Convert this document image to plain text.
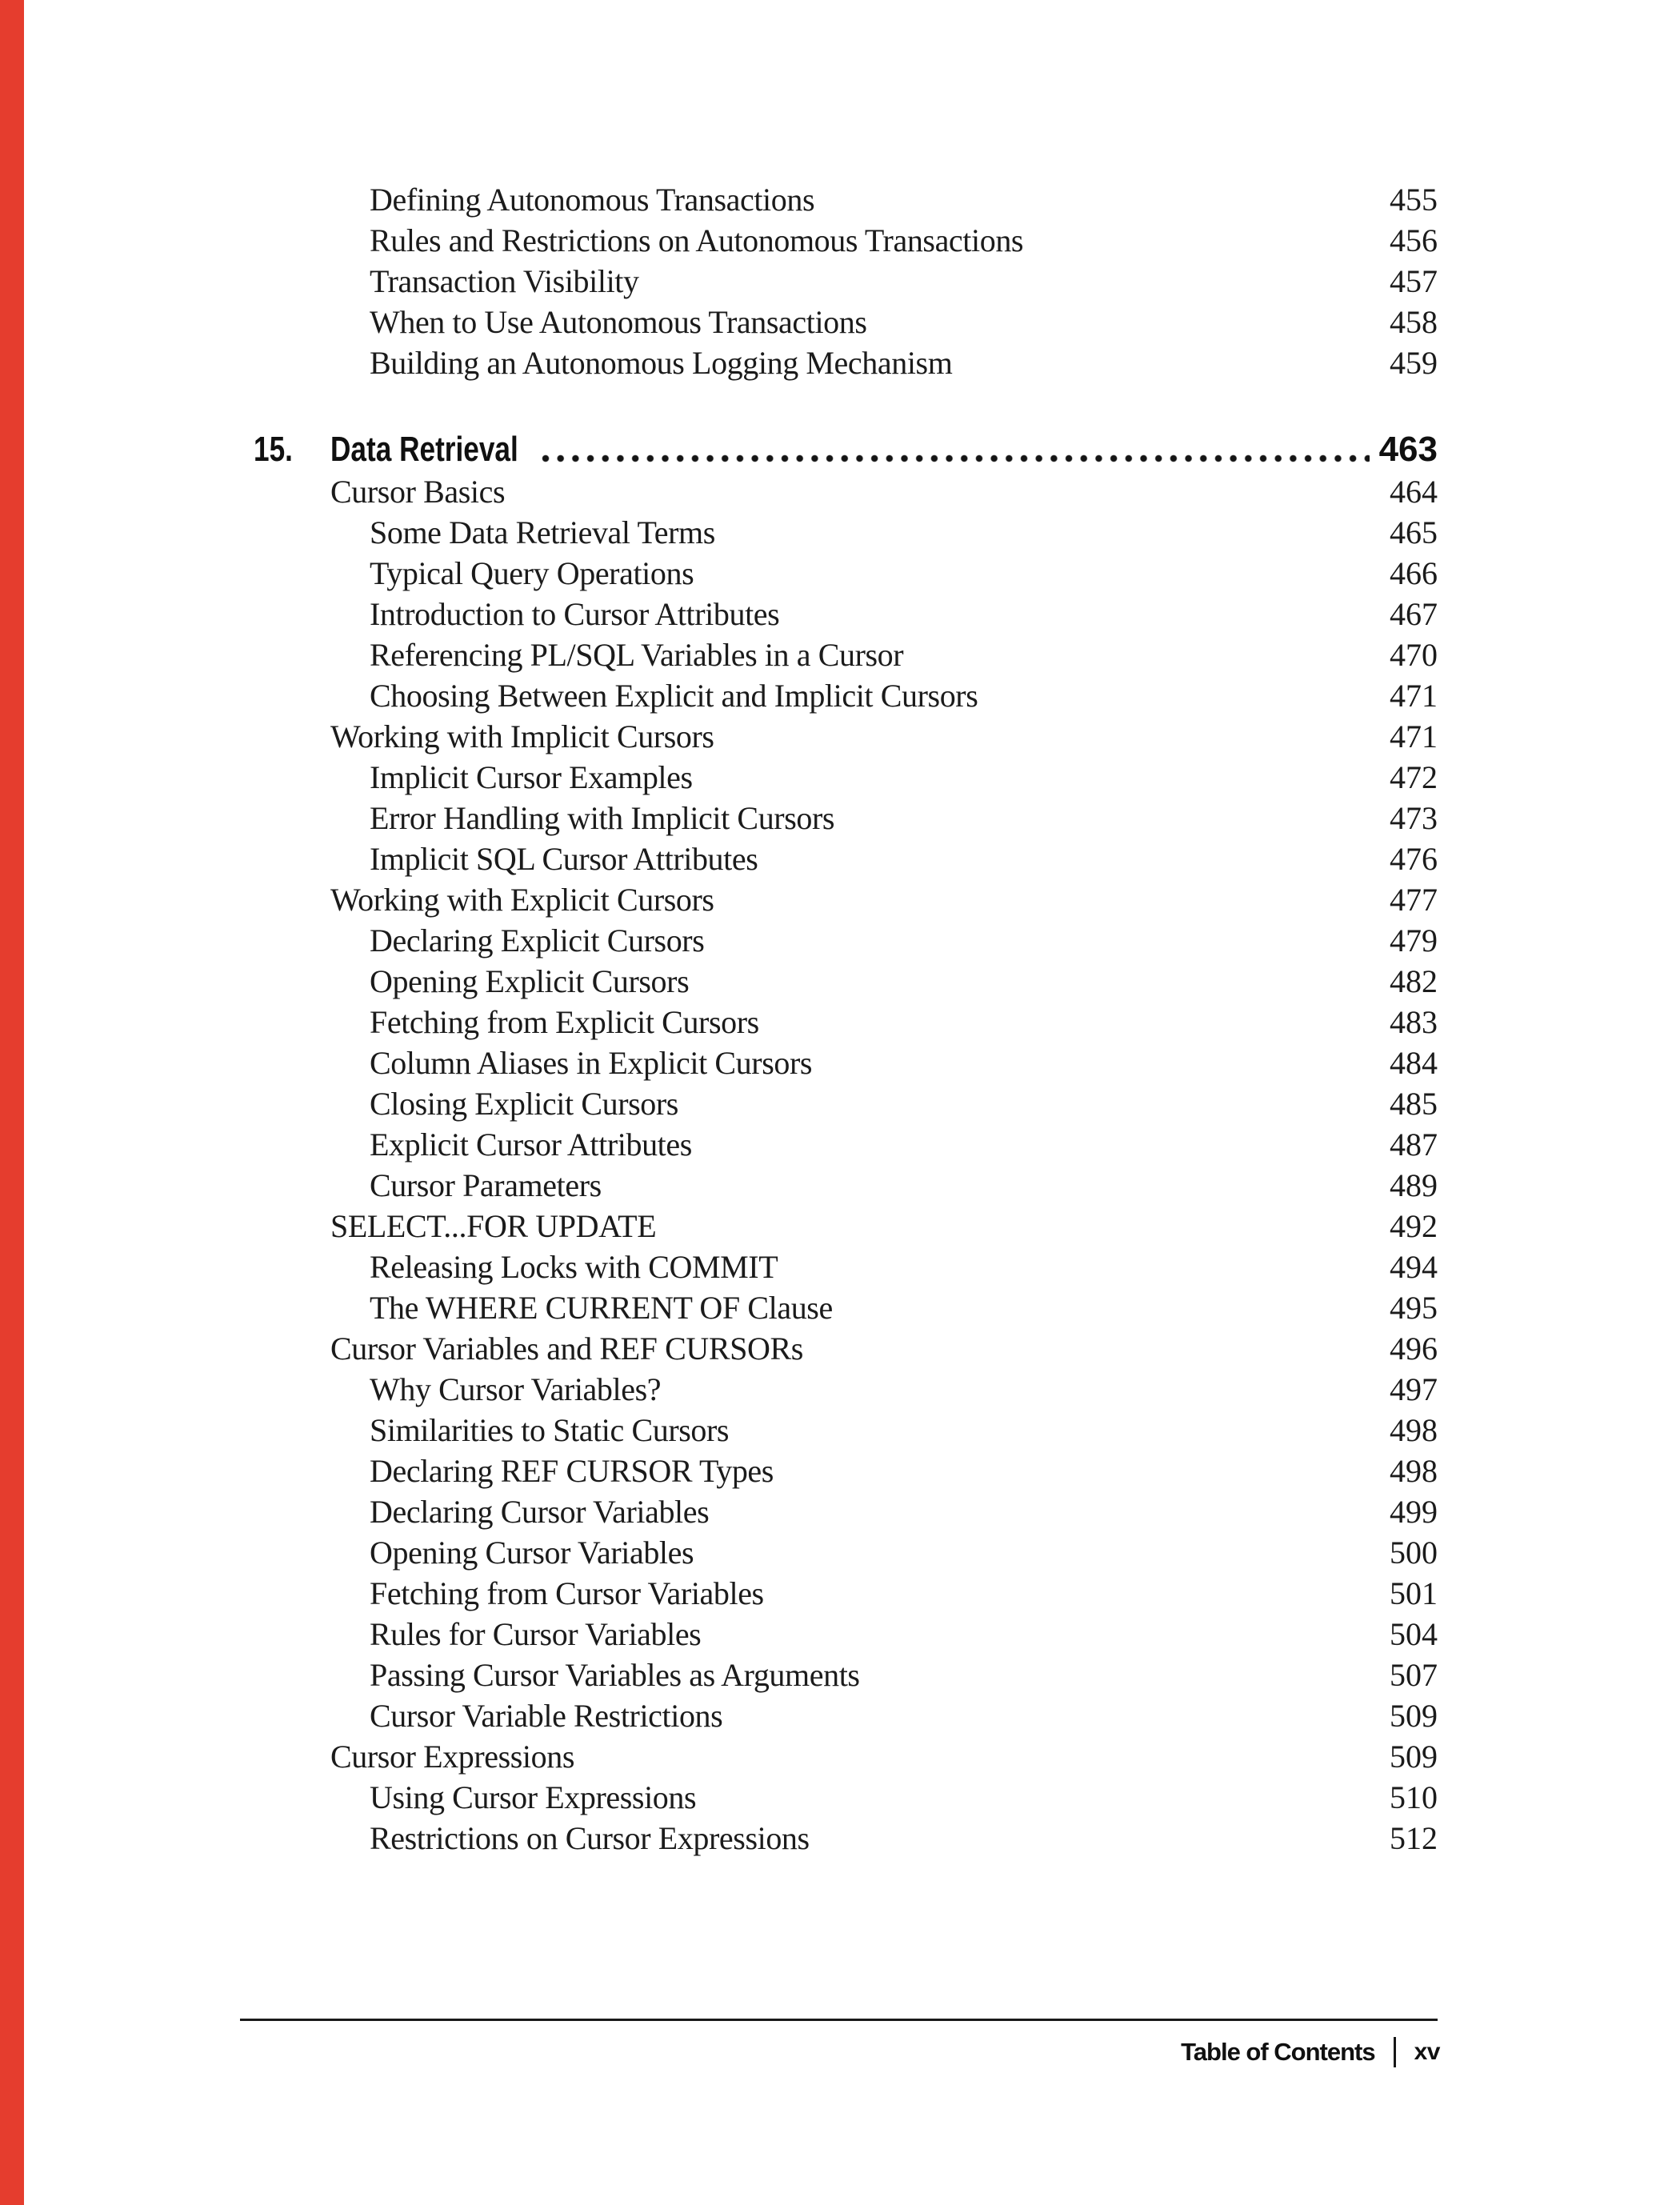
Defining Autonomous Transactions	455
Rules and Restrictions on Autonomous Transactions	456
Transaction Visibility	457
When to Use Autonomous Transactions	458
Building an Autonomous Logging Mechanism	459
15.	Data Retrieval	463
Cursor Basics	464
Some Data Retrieval Terms	465
Typical Query Operations	466
Introduction to Cursor Attributes	467
Referencing PL/SQL Variables in a Cursor	470
Choosing Between Explicit and Implicit Cursors	471
Working with Implicit Cursors	471
Implicit Cursor Examples	472
Error Handling with Implicit Cursors	473
Implicit SQL Cursor Attributes	476
Working with Explicit Cursors	477
Declaring Explicit Cursors	479
Opening Explicit Cursors	482
Fetching from Explicit Cursors	483
Column Aliases in Explicit Cursors	484
Closing Explicit Cursors	485
Explicit Cursor Attributes	487
Cursor Parameters	489
SELECT...FOR UPDATE	492
Releasing Locks with COMMIT	494
The WHERE CURRENT OF Clause	495
Cursor Variables and REF CURSORs	496
Why Cursor Variables?	497
Similarities to Static Cursors	498
Declaring REF CURSOR Types	498
Declaring Cursor Variables	499
Opening Cursor Variables	500
Fetching from Cursor Variables	501
Rules for Cursor Variables	504
Passing Cursor Variables as Arguments	507
Cursor Variable Restrictions	509
Cursor Expressions	509
Using Cursor Expressions	510
Restrictions on Cursor Expressions	512
Table of Contents xv
